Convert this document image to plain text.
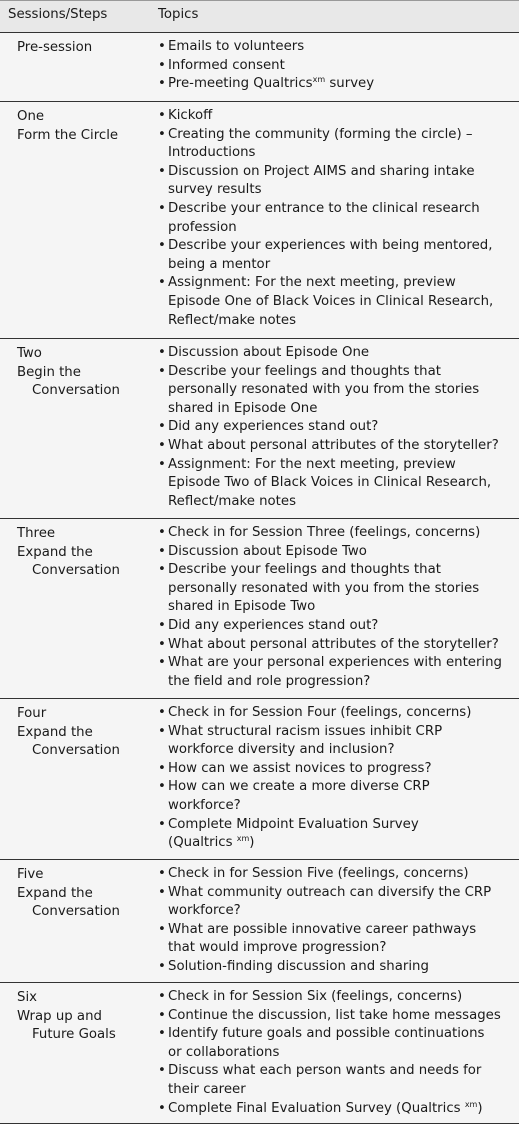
Sessions/Steps	Topics
Pre-session	• Emails to volunteers
• Informed consent
• Pre-meeting Qualtrics$^{xm}$ survey
One
Form the Circle
• Kickoff
• Creating the community (forming the circle) –
Introductions
• Discussion on Project AIMS and sharing intake
survey results
• Describe your entrance to the clinical research
profession
• Describe your experiences with being mentored,
being a mentor
• Assignment: For the next meeting, preview
Episode One of Black Voices in Clinical Research,
Reflect/make notes
Two
Begin the
Conversation
• Discussion about Episode One
• Describe your feelings and thoughts that
personally resonated with you from the stories
shared in Episode One
• Did any experiences stand out?
• What about personal attributes of the storyteller?
• Assignment: For the next meeting, preview
Episode Two of Black Voices in Clinical Research,
Reflect/make notes
Three
Expand the
Conversation
• Check in for Session Three (feelings, concerns)
• Discussion about Episode Two
• Describe your feelings and thoughts that
personally resonated with you from the stories
shared in Episode Two
• Did any experiences stand out?
• What about personal attributes of the storyteller?
• What are your personal experiences with entering
the field and role progression?
Four
Expand the
Conversation
• Check in for Session Four (feelings, concerns)
• What structural racism issues inhibit CRP
workforce diversity and inclusion?
• How can we assist novices to progress?
• How can we create a more diverse CRP
workforce?
• Complete Midpoint Evaluation Survey
(Qualtrics $^{xm}$)
Five
Expand the
Conversation
• Check in for Session Five (feelings, concerns)
• What community outreach can diversify the CRP
workforce?
• What are possible innovative career pathways
that would improve progression?
• Solution-finding discussion and sharing
Six
Wrap up and
Future Goals
• Check in for Session Six (feelings, concerns)
• Continue the discussion, list take home messages
• Identify future goals and possible continuations
or collaborations
• Discuss what each person wants and needs for
their career
• Complete Final Evaluation Survey (Qualtrics $^{xm}$)
